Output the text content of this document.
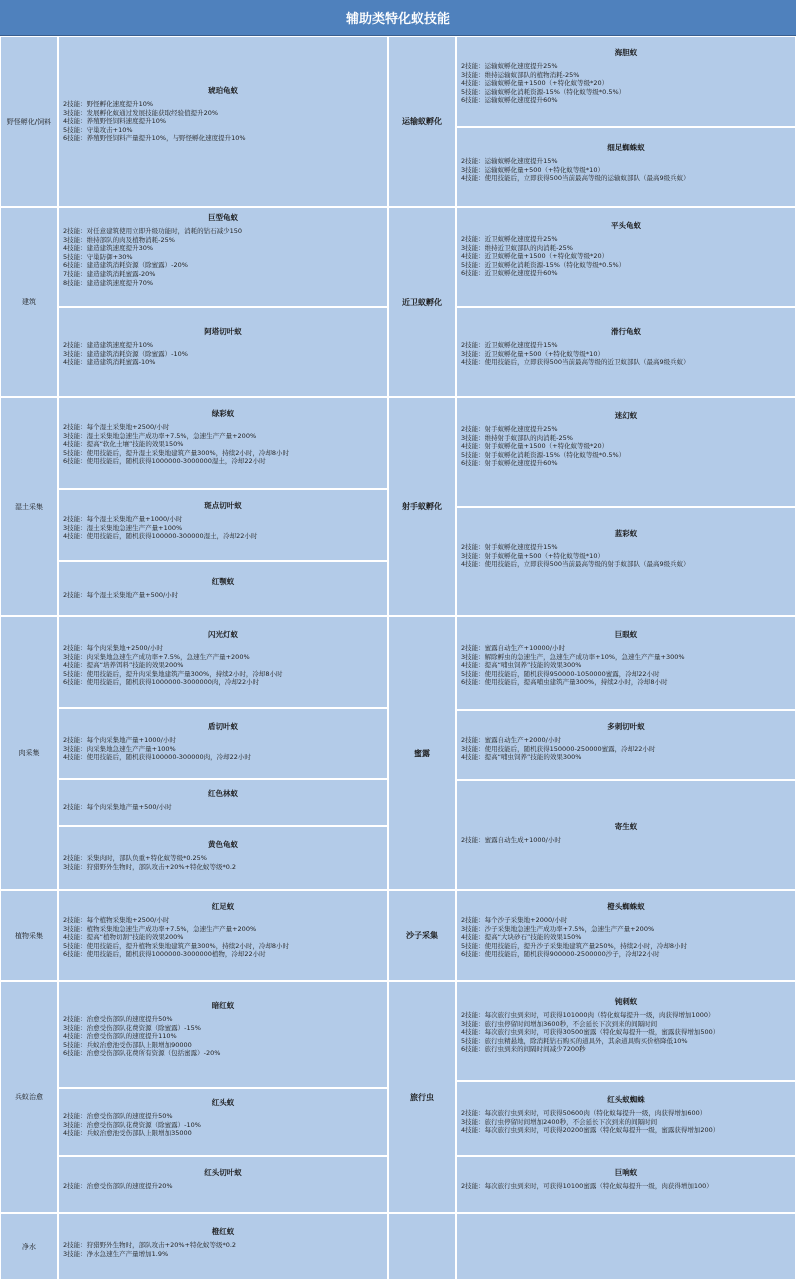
辅助类特化蚁技能
野怪孵化/饲料
建筑
湿土采集
肉采集
植物采集
兵蚁治愈
净水
琥珀龟蚁
2技能：野怪孵化速度提升10%
3技能：发展孵化蚁通过发展技能获取经验值提升20%
4技能：养殖野怪饲料速度提升10%
5技能：守巢攻击+10%
6技能：养殖野怪饲料产量提升10%，与野怪孵化速度提升10%
巨型龟蚁
2技能：对任意建筑使用立即升级功能时，消耗的钻石减少150
3技能：维持部队的肉及植物消耗-25%
4技能：建造建筑速度提升30%
5技能：守巢防御+30%
6技能：建造建筑消耗资源（除蜜露）-20%
7技能：建造建筑消耗蜜露-20%
8技能：建造建筑速度提升70%
阿塔切叶蚁
2技能：建造建筑速度提升10%
3技能：建造建筑消耗资源（除蜜露）-10%
4技能：建造建筑消耗蜜露-10%
绿彩蚁
2技能：每个湿土采集地+2500/小时
3技能：湿土采集地急速生产成功率+7.5%，急速生产产量+200%
4技能：提高“软化土壤”技能的效果150%
5技能：使用技能后，提升湿土采集地建筑产量300%，持续2小时，冷却8小时
6技能：使用技能后，随机获得1000000-3000000湿土，冷却22小时
斑点切叶蚁
2技能：每个湿土采集地产量+1000/小时
3技能：湿土采集地急速生产产量+100%
4技能：使用技能后，随机获得100000-300000湿土，冷却22小时
红颚蚁
2技能：每个湿土采集地产量+500/小时
闪光灯蚁
2技能：每个肉采集地+2500/小时
3技能：肉采集地急速生产成功率+7.5%，急速生产产量+200%
4技能：提高“培养饵料”技能的效果200%
5技能：使用技能后，提升肉采集地建筑产量300%，持续2小时，冷却8小时
6技能：使用技能后，随机获得1000000-3000000肉，冷却22小时
盾切叶蚁
2技能：每个肉采集地产量+1000/小时
3技能：肉采集地急速生产产量+100%
4技能：使用技能后，随机获得100000-300000肉，冷却22小时
红色林蚁
2技能：每个肉采集地产量+500/小时
黄色龟蚁
2技能：采集肉时，部队负重+特化蚁等级*0.25%
3技能：狩猎野外生物时，部队攻击+20%+特化蚁等级*0.2
红足蚁
2技能：每个植物采集地+2500/小时
3技能：植物采集地急速生产成功率+7.5%，急速生产产量+200%
4技能：提高“植物切割”技能的效果200%
5技能：使用技能后，提升植物采集地建筑产量300%，持续2小时，冷却8小时
6技能：使用技能后，随机获得1000000-3000000植物，冷却22小时
暗红蚁
2技能：治愈受伤部队的速度提升50%
3技能：治愈受伤部队花费资源（除蜜露）-15%
4技能：治愈受伤部队的速度提升110%
5技能：兵蚁治愈池受伤部队上限增加90000
6技能：治愈受伤部队花费所有资源（包括蜜露）-20%
红头蚁
2技能：治愈受伤部队的速度提升50%
3技能：治愈受伤部队花费资源（除蜜露）-10%
4技能：兵蚁治愈池受伤部队上限增加35000
红头切叶蚁
2技能：治愈受伤部队的速度提升20%
橙红蚁
2技能：狩猎野外生物时，部队攻击+20%+特化蚁等级*0.2
3技能：净水急速生产产量增加1.9%
运输蚁孵化
近卫蚁孵化
射手蚁孵化
蜜露
沙子采集
旅行虫
海胆蚁
2技能：运输蚁孵化速度提升25%
3技能：维持运输蚁部队的植物消耗-25%
4技能：运输蚁孵化量+1500（+特化蚁等级*20）
5技能：运输蚁孵化消耗资源-15%（特化蚁等级*0.5%）
6技能：运输蚁孵化速度提升60%
细足蜘蛛蚁
2技能：运输蚁孵化速度提升15%
3技能：运输蚁孵化量+500（+特化蚁等级*10）
4技能：使用技能后，立即获得500当前最高等级的运输蚁部队（最高9级兵蚁）
平头龟蚁
2技能：近卫蚁孵化速度提升25%
3技能：维持近卫蚁部队的肉消耗-25%
4技能：近卫蚁孵化量+1500（+特化蚁等级*20）
5技能：近卫蚁孵化消耗资源-15%（特化蚁等级*0.5%）
6技能：近卫蚁孵化速度提升60%
滑行龟蚁
2技能：近卫蚁孵化速度提升15%
3技能：近卫蚁孵化量+500（+特化蚁等级*10）
4技能：使用技能后，立即获得500当前最高等级的近卫蚁部队（最高9级兵蚁）
迷幻蚁
2技能：射手蚁孵化速度提升25%
3技能：维持射手蚁部队的肉消耗-25%
4技能：射手蚁孵化量+1500（+特化蚁等级*20）
5技能：射手蚁孵化消耗资源-15%（特化蚁等级*0.5%）
6技能：射手蚁孵化速度提升60%
蓝彩蚁
2技能：射手蚁孵化速度提升15%
3技能：射手蚁孵化量+500（+特化蚁等级*10）
4技能：使用技能后，立即获得500当前最高等级的射手蚁部队（最高9级兵蚁）
巨眼蚁
2技能：蜜露自动生产+10000/小时
3技能：解除孵虫的急速生产，急速生产成功率+10%，急速生产产量+300%
4技能：提高“哺虫饲养”技能的效果300%
5技能：使用技能后，随机获得950000-1050000蜜露，冷却22小时
6技能：使用技能后，提高哺虫建筑产量300%，持续2小时，冷却8小时
多刺切叶蚁
2技能：蜜露自动生产+2000/小时
3技能：使用技能后，随机获得150000-250000蜜露，冷却22小时
4技能：提高“哺虫饲养”技能的效果300%
寄生蚁
2技能：蜜露自动生成+1000/小时
橙头蜘蛛蚁
2技能：每个沙子采集地+2000/小时
3技能：沙子采集地急速生产成功率+7.5%，急速生产产量+200%
4技能：提高“大块砂石”技能的效果150%
5技能：使用技能后，提升沙子采集地建筑产量250%，持续2小时，冷却8小时
6技能：使用技能后，随机获得900000-2500000沙子，冷却22小时
钝刺蚁
2技能：每次旅行虫到来时，可获得101000肉（特化蚁每提升一级，肉获得增加1000）
3技能：旅行虫停留时间增加3600秒，不会延长下次到来的间隔时间
4技能：每次旅行虫到来时，可获得30500蜜露（特化蚁每提升一级，蜜露获得增加500）
5技能：旅行虫精悬地，除消耗钻石购买的道具外，其余道具购买价格降低10%
6技能：旅行虫到来的间隔时间减少7200秒
红头蚁蜘蛛
2技能：每次旅行虫到来时，可获得50600肉（特化蚁每提升一级，肉获得增加600）
3技能：旅行虫停留时间增加2400秒，不会延长下次到来的间隔时间
4技能：每次旅行虫到来时，可获得20200蜜露（特化蚁每提升一级，蜜露获得增加200）
巨响蚁
2技能：每次旅行虫到来时，可获得10100蜜露（特化蚁每提升一级，肉获得增加100）
